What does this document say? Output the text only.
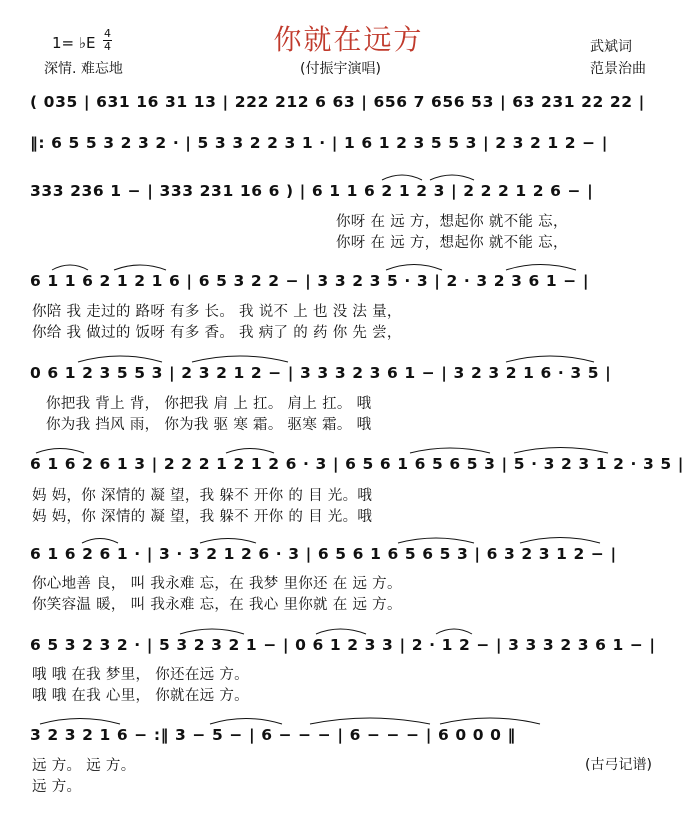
你就在远方
1= ♭E
4
4
深情. 难忘地	(付振宇演唱)
武斌词
范景治曲
( 035 | 631 16 31 13 | 222 212 6 63 | 656 7 656 53 | 63 231 22 22 |
‖: 6 5 5 3 2 3 2 · | 5 3 3 2 2 3 1 · | 1 6 1 2 3 5 5 3 | 2 3 2 1 2 − |
333 236 1 − | 333 231 16 6 ) | 6 1 1 6 2 1 2 3 | 2 2 2 1 2 6 − |
你呀 在 远 方，想起你 就不能 忘，
你呀 在 远 方，想起你 就不能 忘，
6 1 1 6 2 1 2 1 6 | 6 5 3 2 2 − | 3 3 2 3 5 · 3 | 2 · 3 2 3 6 1 − |
你陪 我 走过的 路呀 有多 长。 我 说不 上 也 没 法 量，
你给 我 做过的 饭呀 有多 香。 我 病了 的 药 你 先 尝，
0 6 1 2 3 5 5 3 | 2 3 2 1 2 − | 3 3 3 2 3 6 1 − | 3 2 3 2 1 6 · 3 5 |
你把我 背上 背， 你把我 肩 上 扛。 肩上 扛。 哦
你为我 挡风 雨， 你为我 驱 寒 霜。 驱寒 霜。 哦
6 1 6 2 6 1 3 | 2 2 2 1 2 1 2 6 · 3 | 6 5 6 1 6 5 6 5 3 | 5 · 3 2 3 1 2 · 3 5 |
妈 妈，你 深情的 凝 望，我 躲不 开你 的 目 光。哦
妈 妈，你 深情的 凝 望，我 躲不 开你 的 目 光。哦
6 1 6 2 6 1 · | 3 · 3 2 1 2 6 · 3 | 6 5 6 1 6 5 6 5 3 | 6 3 2 3 1 2 − |
你心地善 良， 叫 我永难 忘，在 我梦 里你还 在 远 方。
你笑容温 暖， 叫 我永难 忘，在 我心 里你就 在 远 方。
6 5 3 2 3 2 · | 5 3 2 3 2 1 − | 0 6 1 2 3 3 | 2 · 1 2 − | 3 3 3 2 3 6 1 − |
哦 哦 在我 梦里， 你还在远 方。
哦 哦 在我 心里， 你就在远 方。
3 2 3 2 1 6 − :‖ 3 − 5 − | 6 − − − | 6 − − − | 6 0 0 0 ‖
远 方。 远 方。
远 方。
(古弓记谱)
